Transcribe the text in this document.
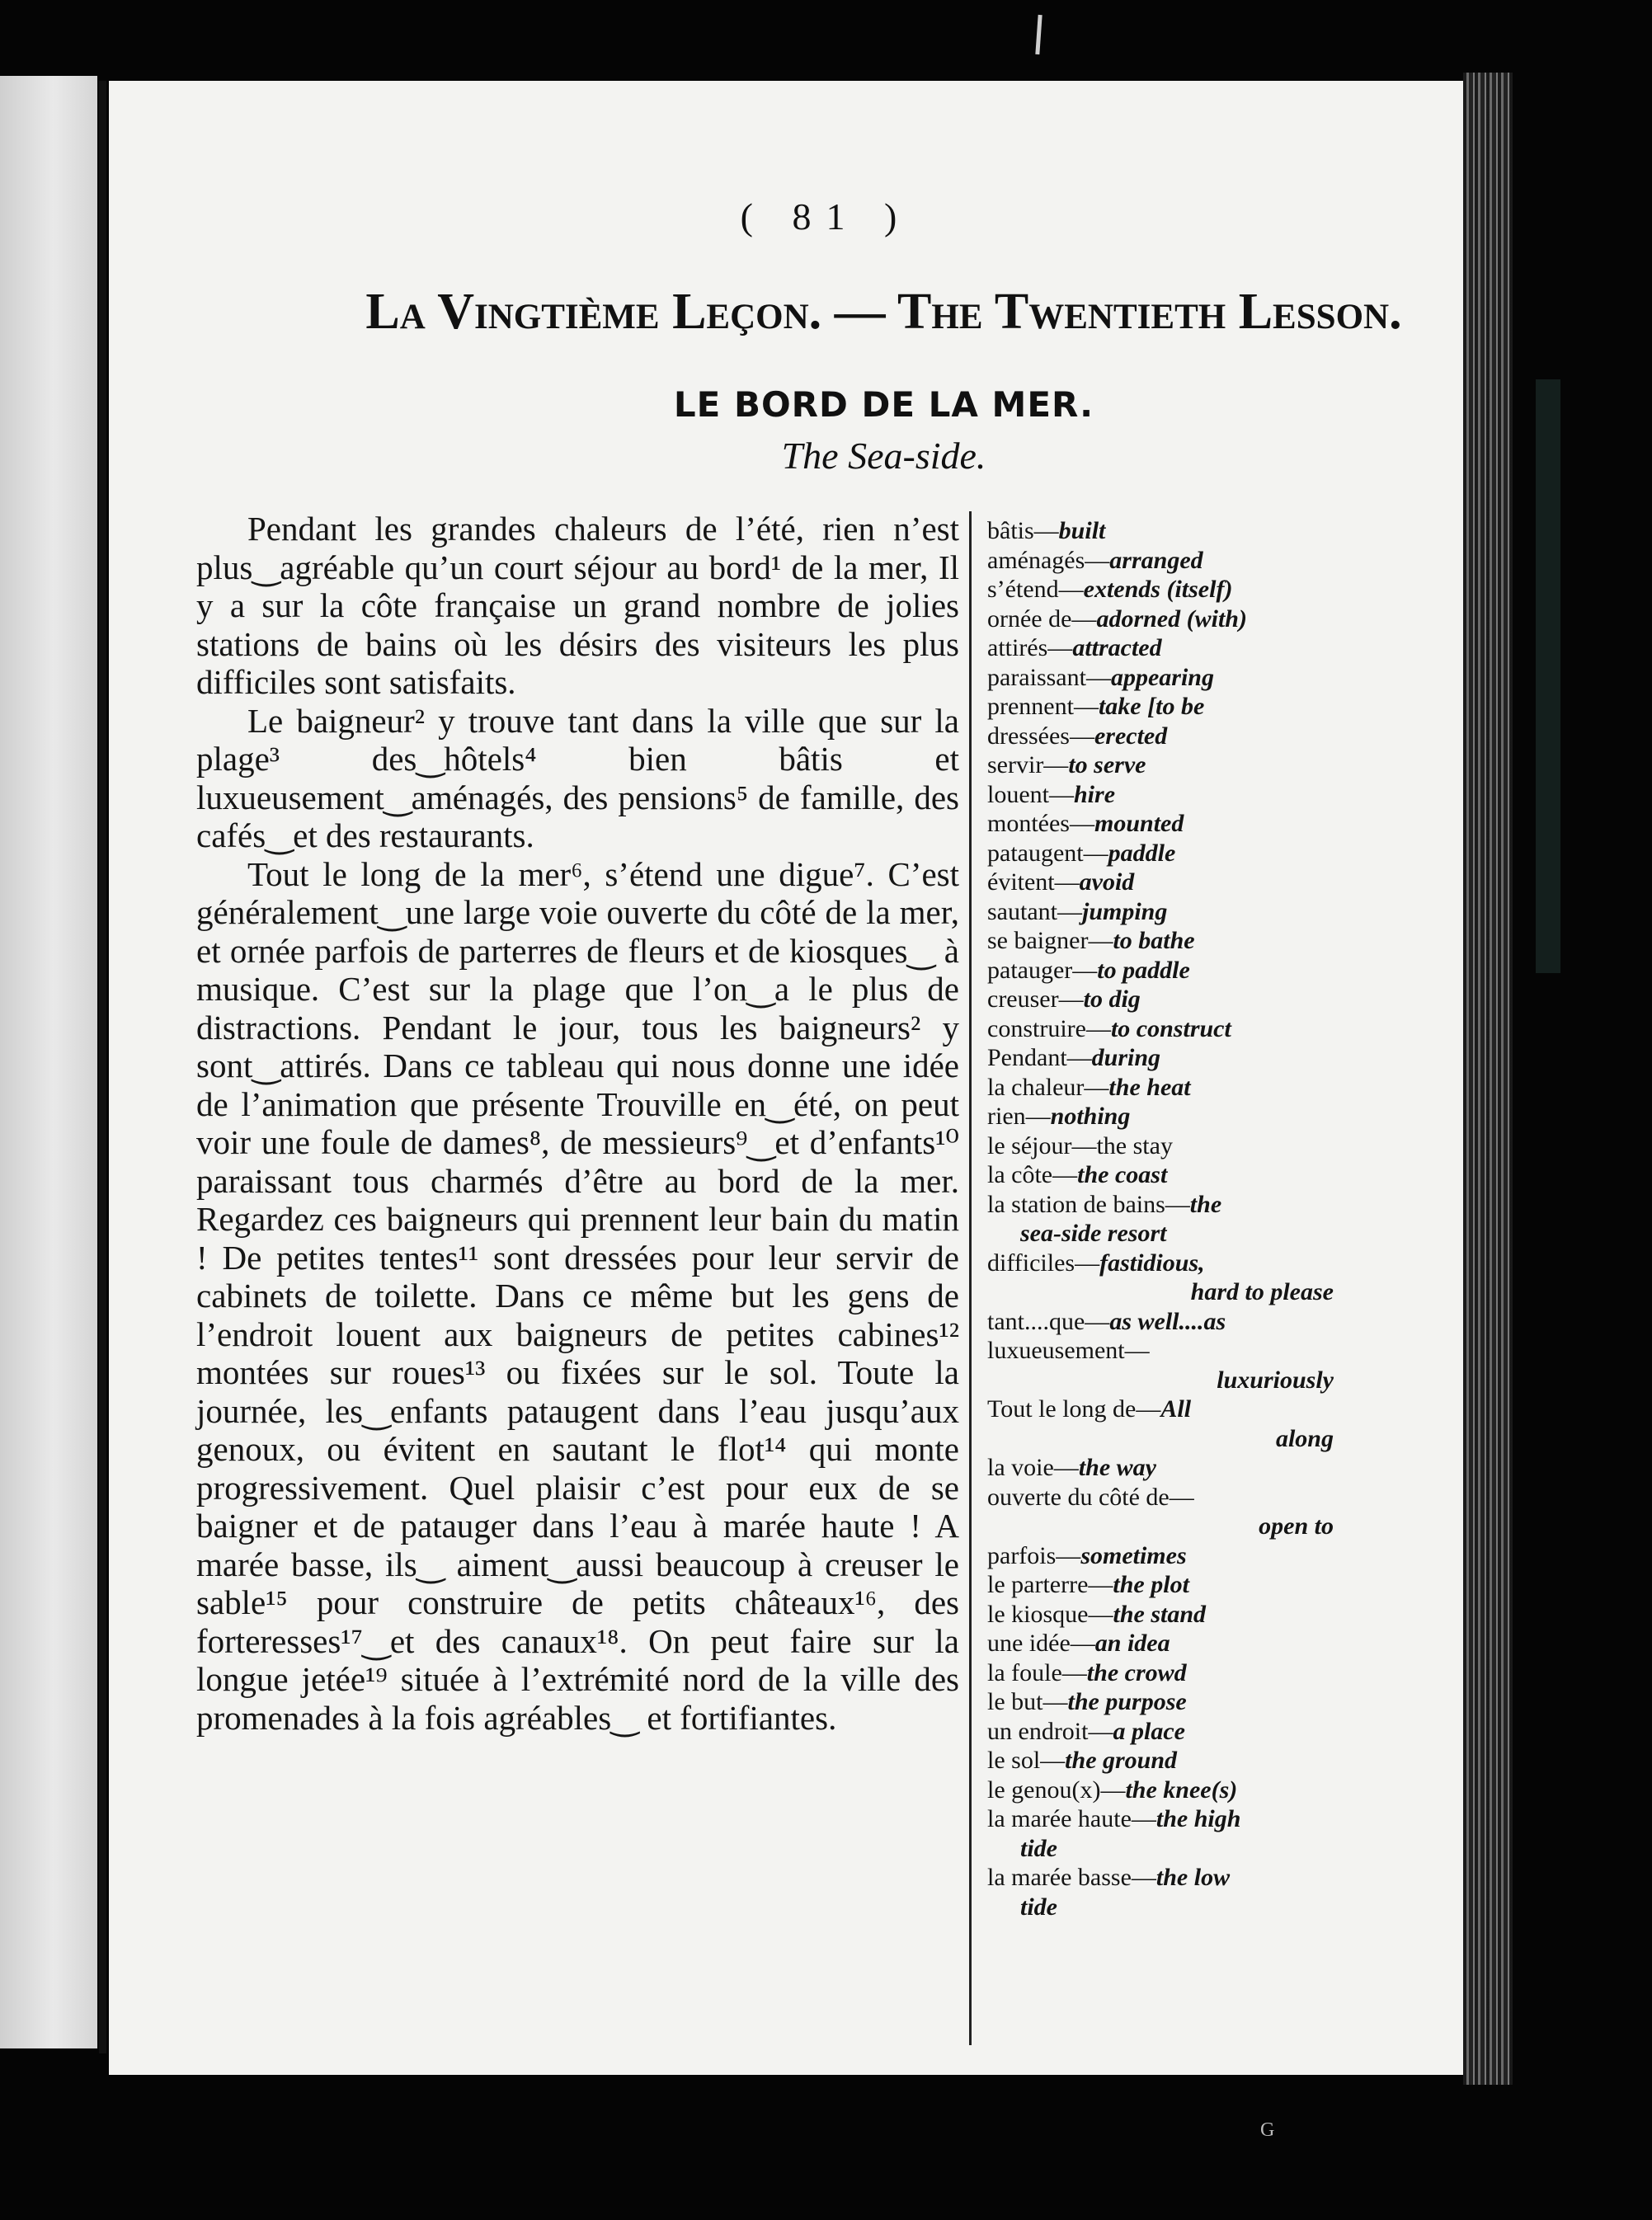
( 81 )
La Vingtième Leçon. — The Twentieth Lesson.
LE BORD DE LA MER.
The Sea-side.

Pendant les grandes chaleurs de l’été, rien n’est plus‿agréable qu’un court séjour au bord¹ de la mer, Il y a sur la côte française un grand nombre de jolies stations de bains où les désirs des visiteurs les plus difficiles sont satisfaits.

Le baigneur² y trouve tant dans la ville que sur la plage³ des‿hôtels⁴ bien bâtis et luxueusement‿aménagés, des pensions⁵ de famille, des cafés‿et des restaurants.

Tout le long de la mer⁶, s’étend une digue⁷. C’est généralement‿une large voie ouverte du côté de la mer, et ornée parfois de parterres de fleurs et de kiosques‿ à musique. C’est sur la plage que l’on‿a le plus de distractions. Pendant le jour, tous les baigneurs² y sont‿attirés. Dans ce tableau qui nous donne une idée de l’animation que présente Trouville en‿été, on peut voir une foule de dames⁸, de messieurs⁹‿et d’enfants¹⁰ paraissant tous charmés d’être au bord de la mer. Regardez ces baigneurs qui prennent leur bain du matin ! De petites tentes¹¹ sont dressées pour leur servir de cabinets de toilette. Dans ce même but les gens de l’endroit louent aux baigneurs de petites cabines¹² montées sur roues¹³ ou fixées sur le sol. Toute la journée, les‿enfants pataugent dans l’eau jusqu’aux genoux, ou évitent en sautant le flot¹⁴ qui monte progressivement. Quel plaisir c’est pour eux de se baigner et de patauger dans l’eau à marée haute ! A marée basse, ils‿ aiment‿aussi beaucoup à creuser le sable¹⁵ pour construire de petits châteaux¹⁶, des forteresses¹⁷‿et des canaux¹⁸. On peut faire sur la longue jetée¹⁹ située à l’extrémité nord de la ville des promenades à la fois agréables‿ et fortifiantes.

bâtis—built
aménagés—arranged
s’étend—extends (itself)
ornée de—adorned (with)
attirés—attracted
paraissant—appearing
prennent—take [to be
dressées—erected
servir—to serve
louent—hire
montées—mounted
pataugent—paddle
évitent—avoid
sautant—jumping
se baigner—to bathe
patauger—to paddle
creuser—to dig
construire—to construct
Pendant—during
la chaleur—the heat
rien—nothing
le séjour—the stay
la côte—the coast
la station de bains—the
sea-side resort
difficiles—fastidious,
hard to please
tant....que—as well....as
luxueusement—
luxuriously
Tout le long de—All
along
la voie—the way
ouverte du côté de—
open to
parfois—sometimes
le parterre—the plot
le kiosque—the stand
une idée—an idea
la foule—the crowd
le but—the purpose
un endroit—a place
le sol—the ground
le genou(x)—the knee(s)
la marée haute—the high
tide
la marée basse—the low
tide
G
